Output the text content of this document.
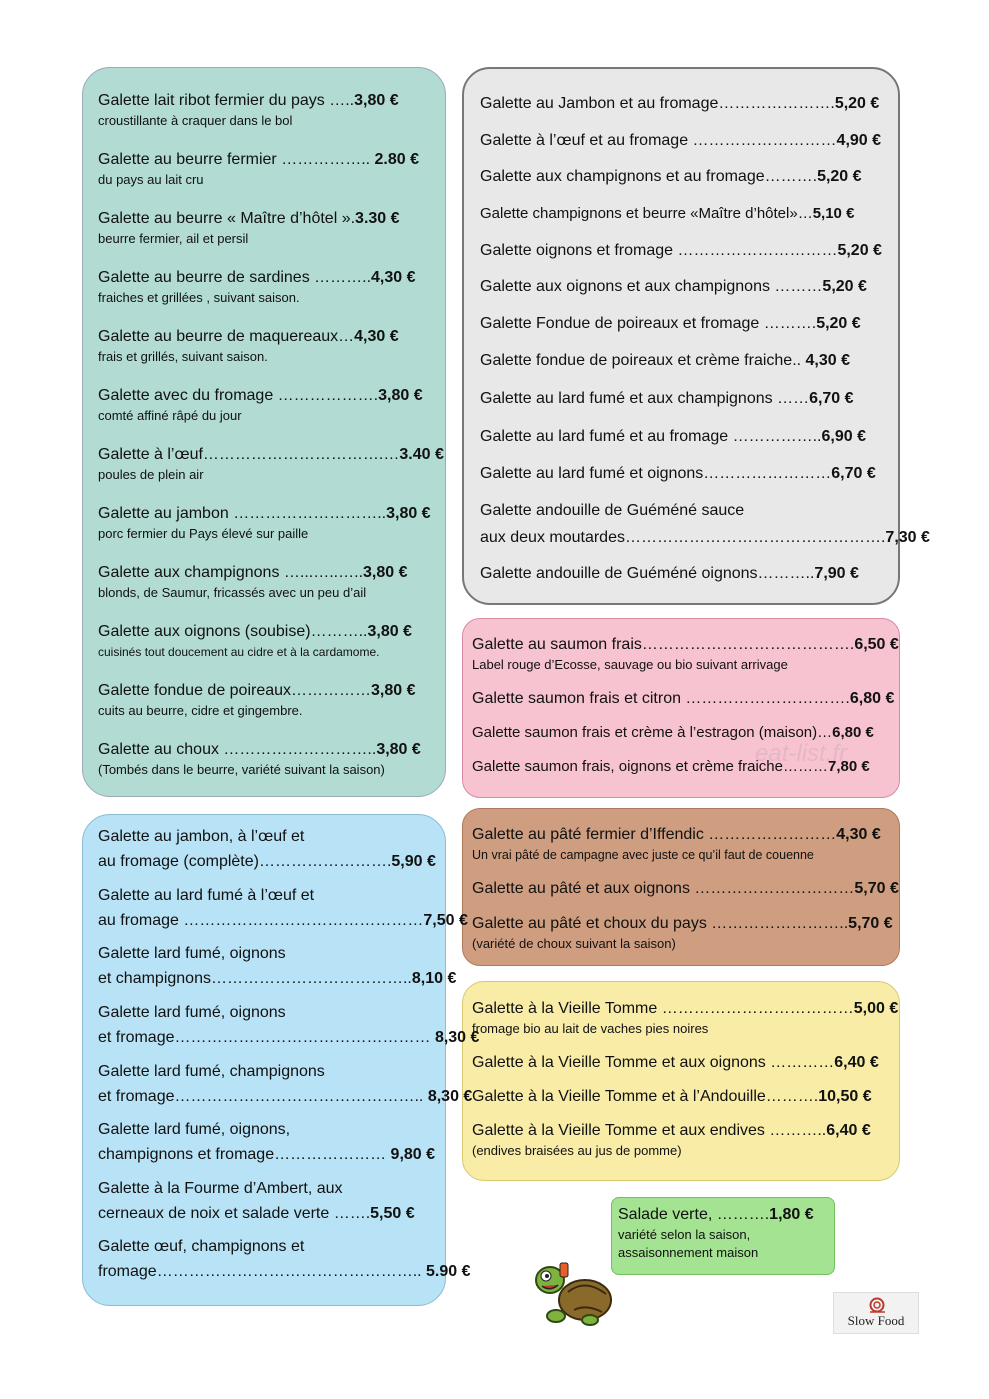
Galette lait ribot fermier du pays …..3,80 €
croustillante à craquer dans le bol
Galette au beurre fermier …………….. 2.80 €
du pays au lait cru
Galette au beurre « Maître d’hôtel ».3.30 €
beurre fermier, ail et persil
Galette au beurre de sardines ………..4,30 €
fraiches et grillées , suivant saison.
Galette au beurre de maquereaux…4,30 €
frais et grillés, suivant saison.
Galette avec du fromage ……………….3,80 €
comté affiné râpé du jour
Galette à l’œuf…………………………….…3.40 €
poules de plein air
Galette au jambon ………………………..3,80 €
porc fermier du Pays élevé sur paille
Galette aux champignons …...…..…..3,80 €
blonds, de Saumur, fricassés avec un peu d’ail
Galette aux oignons (soubise)………..3,80 €
cuisinés tout doucement au cidre et à la cardamome.
Galette fondue de poireaux……………3,80 €
cuits au beurre, cidre et gingembre.
Galette au choux ………………………..3,80 €
(Tombés dans le beurre, variété suivant la saison)
Galette au Jambon et au fromage………………….5,20 €
Galette à l’œuf et au fromage ………………………4,90 €
Galette aux champignons et au fromage……….5,20 €
Galette champignons et beurre «Maître d’hôtel»…5,10 €
Galette oignons et fromage …………………………5,20 €
Galette aux oignons et aux champignons ………5,20 €
Galette Fondue de poireaux et fromage ……….5,20 €
Galette fondue de poireaux et crème fraiche.. 4,30 €
Galette au lard fumé et aux champignons ……6,70 €
Galette au lard fumé et au fromage ……………..6,90 €
Galette au lard fumé et oignons……………………6,70 €
Galette andouille de Guéméné sauce
aux deux moutardes………………………………………….7,30 €
Galette andouille de Guéméné oignons………..7,90 €
Galette au saumon frais………………………………….6,50 €
Label rouge d’Ecosse, sauvage ou bio suivant arrivage
Galette saumon frais et citron ………………………….6,80 €
Galette saumon frais et crème à l’estragon (maison)…6,80 €
Galette saumon frais, oignons et crème fraiche………7,80 €
eat-list.fr
Galette au pâté fermier d’Iffendic ……………………4,30 €
Un vrai pâté de campagne avec juste ce qu’il faut de couenne
Galette au pâté et aux oignons …………………………5,70 €
Galette au pâté et choux du pays ……………………..5,70 €
(variété de choux suivant la saison)
Galette à la Vieille Tomme ………………………………5,00 €
fromage bio au lait de vaches pies noires
Galette à la Vieille Tomme et aux oignons …………6,40 €
Galette à la Vieille Tomme et à l’Andouille……….10,50 €
Galette à la Vieille Tomme et aux endives ………..6,40 €
(endives braisées au jus de pomme)
Galette au jambon, à l’œuf et
au fromage (complète)…………………….5,90 €
Galette au lard fumé à l’œuf et
au fromage ………………………………………7,50 €
Galette lard fumé, oignons
et champignons………………………………..8,10 €
Galette lard fumé, oignons
et fromage………………………………………… 8,30 €
Galette lard fumé, champignons
et fromage……………………………………….. 8,30 €
Galette lard fumé, oignons,
champignons et fromage………………… 9,80 €
Galette à la Fourme d’Ambert, aux
cerneaux de noix et salade verte …….5,50 €
Galette œuf, champignons et
fromage………………………………………….. 5.90 €
Salade verte, ……….1,80 €
variété selon la saison,
assaisonnement maison
Slow Food
